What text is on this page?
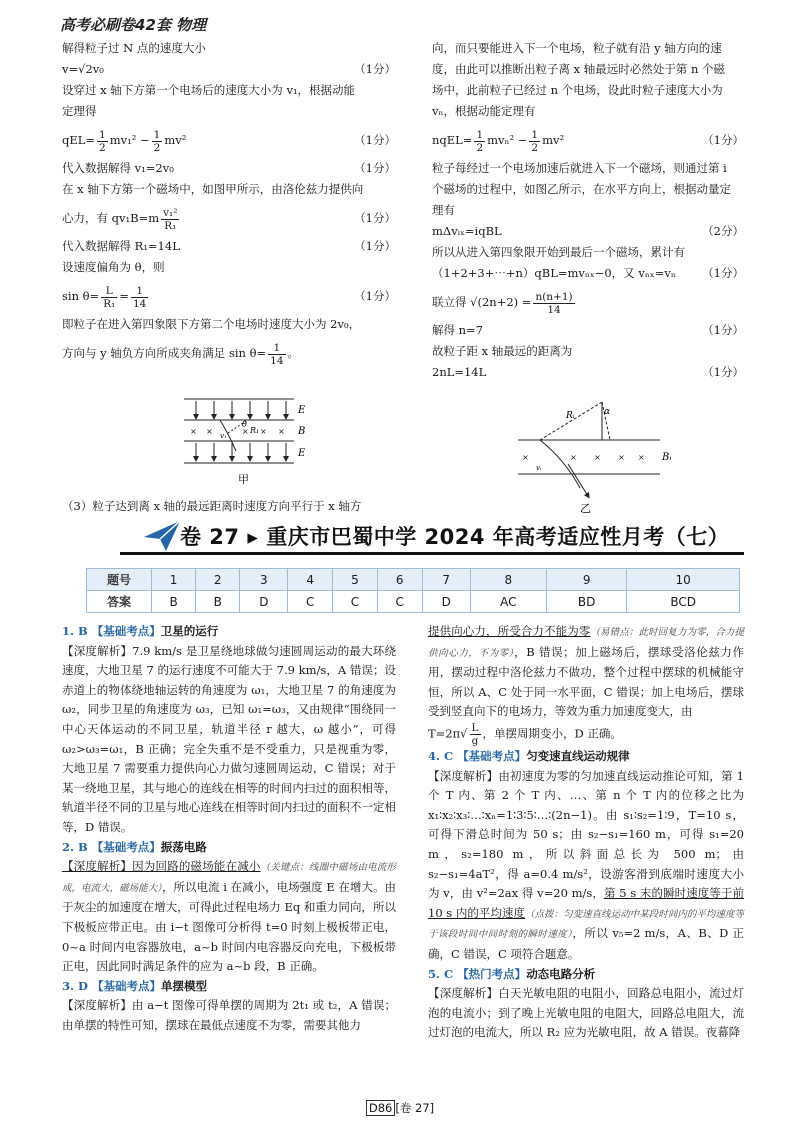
高考必刷卷42套 物理
解得粒子过 N 点的速度大小
v=√2v₀	（1分）
设穿过 x 轴下方第一个电场后的速度大小为 v₁，根据动能
定理得
$qEL= \frac{1}{2} mv_1^2 - \frac{1}{2} mv^2$	（1分）
代入数据解得 v₁=2v₀	（1分）
在 x 轴下方第一个磁场中，如图甲所示，由洛伦兹力提供向
心力，有 $qv_1B=m \frac{\text{v₁²}}{\text{R₁}}$	（1分）
代入数据解得 R₁=14L	（1分）
设速度偏角为 θ，则
$\sin \theta= \frac{L}{\text{R₁}} = \frac{1}{14}$	（1分）
即粒子在进入第四象限下方第二个电场时速度大小为 2v₀，
方向与 y 轴负方向所成夹角满足 $\sin \theta= \frac{1}{14}$ 。
× ×	× × ×
E
B
E
θ
R₁
v₁
甲
（3）粒子达到离 x 轴的最远距离时速度方向平行于 x 轴方
向，而只要能进入下一个电场，粒子就有沿 y 轴方向的速
度，由此可以推断出粒子离 x 轴最远时必然处于第 n 个磁
场中，此前粒子已经过 n 个电场，设此时粒子速度大小为
vₙ，根据动能定理有
nqEL= $\frac{1}{2} mv_n^2 - \frac{1}{2} mv^2$	（1分）
粒子每经过一个电场加速后就进入下一个磁场，则通过第 i
个磁场的过程中，如图乙所示，在水平方向上，根据动量定
理有
mΔvᵢₓ=iqBL	（2分）
所以从进入第四象限开始到最后一个磁场，累计有
（1+2+3+⋯+n）qBL=mvₙₓ−0，又 vₙₓ=vₙ （1分）
联立得 $√(2n+2) = \frac{n(n+1)}{14}$
解得 n=7	（1分）
故粒子距 x 轴最远的距离为
2nL=14L	（1分）
×	× × × ×
Rᵢ	α
vᵢ
Bᵢ
乙
卷 27 ▸ 重庆市巴蜀中学 2024 年高考适应性月考（七）
题号	1	2	3	4	5	6	7	8	9	10
答案	B	B	D	C	C	C	D	AC	BD	BCD
1. B 【基础考点】卫星的运行
【深度解析】7.9 km/s 是卫星绕地球做匀速圆周运动的最大环绕速度，大地卫星 7 的运行速度不可能大于 7.9 km/s，A 错误；设赤道上的物体绕地轴运转的角速度为 ω₁，大地卫星 7 的角速度为 ω₂，同步卫星的角速度为 ω₃，已知 ω₁=ω₃，又由规律“围绕同一中心天体运动的不同卫星，轨道半径 r 越大，ω 越小”，可得 ω₂>ω₃=ω₁，B 正确；完全失重不是不受重力，只是视重为零，大地卫星 7 需要重力提供向心力做匀速圆周运动，C 错误；对于某一绕地卫星，其与地心的连线在相等的时间内扫过的面积相等，轨道半径不同的卫星与地心连线在相等时间内扫过的面积不一定相等，D 错误。
2. B 【基础考点】振荡电路
【深度解析】因为回路的磁场能在减小（关键点：线圈中磁场由电流形成，电流大，磁场能大），所以电流 i 在减小，电场强度 E 在增大。由于灰尘的加速度在增大，可得此过程电场力 Eq 和重力同向，所以下极板应带正电。由 i−t 图像可分析得 t=0 时刻上极板带正电，0~a 时间内电容器放电，a~b 时间内电容器反向充电，下极板带正电，因此同时满足条件的应为 a~b 段，B 正确。
3. D 【基础考点】单摆模型
【深度解析】由 a−t 图像可得单摆的周期为 2t₁ 或 t₂，A 错误；由单摆的特性可知，摆球在最低点速度不为零，需要其他力
提供向心力，所受合力不能为零（易错点：此时回复力为零，合力提供向心力，不为零），B 错误；加上磁场后，摆球受洛伦兹力作用，摆动过程中洛伦兹力不做功，整个过程中摆球的机械能守恒，所以 A、C 处于同一水平面，C 错误；加上电场后，摆球受到竖直向下的电场力，等效为重力加速度变大，由
$T=2\pi√ \frac{L}{g}$ ，单摆周期变小，D 正确。
4. C 【基础考点】匀变速直线运动规律
【深度解析】由初速度为零的匀加速直线运动推论可知，第 1 个 T 内、第 2 个 T 内、…、第 n 个 T 内的位移之比为 x₁∶x₂∶x₃∶…∶xₙ=1∶3∶5∶…∶(2n−1)。由 s₁∶s₂=1∶9，T=10 s，可得下滑总时间为 50 s；由 s₂−s₁=160 m，可得 s₁=20 m，s₂=180 m，所以斜面总长为 500 m；由 s₂−s₁=4aT²，得 a=0.4 m/s²，设游客滑到底端时速度大小为 v，由 v²=2ax 得 v=20 m/s，第 5 s 末的瞬时速度等于前 10 s 内的平均速度（点拨：匀变速直线运动中某段时间内的平均速度等于该段时间中间时刻的瞬时速度），所以 v₅=2 m/s，A、B、D 正确，C 错误，C 项符合题意。
5. C 【热门考点】动态电路分析
【深度解析】白天光敏电阻的电阻小，回路总电阻小，流过灯泡的电流小；到了晚上光敏电阻的电阻大，回路总电阻大，流过灯泡的电流大，所以 R₂ 应为光敏电阻，故 A 错误。夜幕降
D86 [卷 27]
